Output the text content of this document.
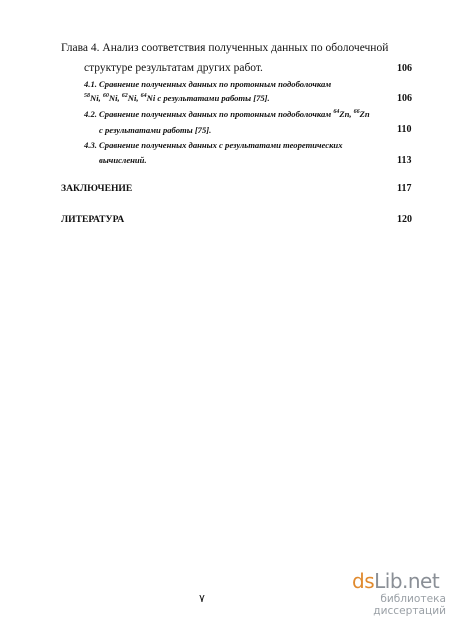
Глава 4. Анализ соответствия полученных данных по оболочечной
структуре результатам других работ.	106
4.1. Сравнение полученных данных по протонным подоболочкам
$^{58}$Ni, $^{60}$Ni, $^{62}$Ni, $^{64}$Ni с результатами работы [75].	106
4.2. Сравнение полученных данных по протонным подоболочкам $^{64}$Zn, $^{66}$Zn
с результатами работы [75].	110
4.3. Сравнение полученных данных с результатами теоретических
вычислений.	113
ЗАКЛЮЧЕНИЕ	117
ЛИТЕРАТУРА	120
٧
dsLib.net
библиотека диссертаций
